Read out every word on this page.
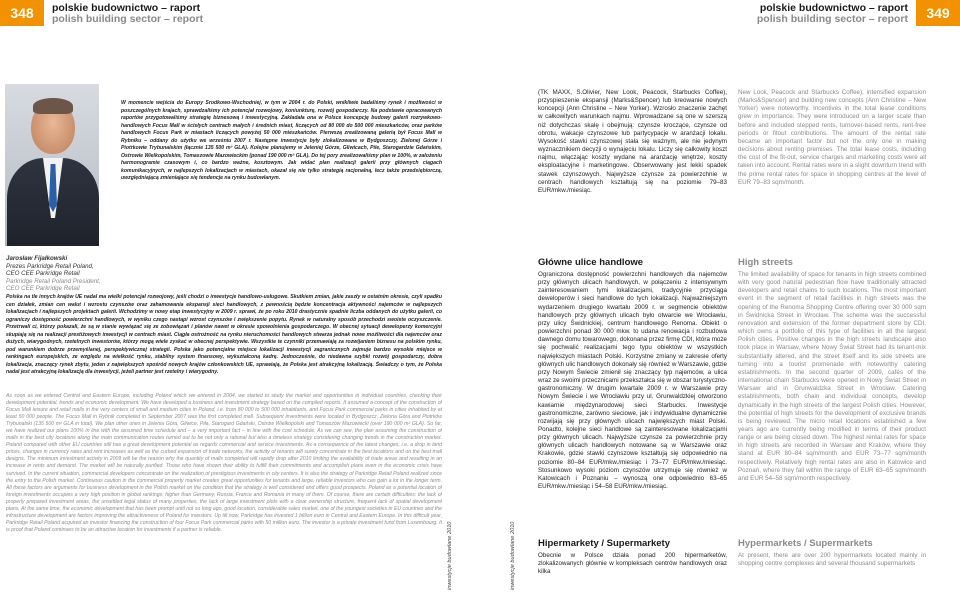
348	polskie budownictwo – raport
polish building sector – report
polskie budownictwo – raport
polish building sector – report	349
Jarosław Fijałkowski
Prezes Parkridge Retail Poland,
CEO CEE Parkridge Retail
Parkridge Retail Poland President,
CEO CEE Parkridge Retail
W momencie wejścia do Europy Środkowo-Wschodniej, w tym w 2004 r. do Polski, wnikliwie badaliśmy rynek i możliwości w poszczególnych krajach, sprawdzaliśmy ich potencjał rozwojowy, koniunkturę, rozwój gospodarczy. Na podstawie opracowanych raportów przygotowaliśmy strategię biznesową i inwestycyjną. Zakładała ona w Polsce koncepcję budowy galerii rozrywkowo-handlowych Focus Mall w ścisłych centrach małych i średnich miast, liczących od 80 000 do 500 000 mieszkańców, oraz parków handlowych Focus Park w miastach liczących powyżej 50 000 mieszkańców. Pierwszą zrealizowaną galerią był Focus Mall w Rybniku – oddany do użytku we wrześniu 2007 r. Następne inwestycje były zlokalizowane w Bydgoszczy, Zielonej Górze i Piotrkowie Trybunalskim (łącznie 135 500 m² GLA). Kolejne planujemy w Jeleniej Górze, Gliwicach, Pile, Starogardzie Gdańskim, Ostrowie Wielkopolskim, Tomaszowie Mazowieckim (ponad 190 000 m² GLA). Do tej pory zrealizowaliśmy plan w 100%, w założeniu harmonogramie czasowym i, co bardzo ważne, kosztowym. Jak widać plan realizacji galerii przy głównych ciągach komunikacyjnych, w najlepszych lokalizacjach w miastach, okazał się nie tylko strategią racjonalną, lecz także przedsiębiorczą, uwzględniającą zmieniające się tendencje na rynku budowlanym.
Polska na tle innych krajów UE nadal ma wielki potencjał rozwojowy, jeśli chodzi o inwestycje handlowo-usługowe. Skutkiem zmian, jakie zaszły w ostatnim okresie, czyli spadku cen działek, zmian cen walut i wzrostu czynszów oraz zahamowania ekspansji sieci handlowych, z pewnością będzie koncentracja aktywności najemców w najlepszych lokalizacjach i najlepszych projektach galerii. Wchodzimy w nowy etap inwestycyjny w 2009 r. sprawi, że po roku 2010 drastycznie spadnie liczba oddanych do użytku galerii, co ograniczy dostępność powierzchni handlowych, w wyniku czego nastąpi wzrost czynszów i zwiększenie popytu. Rynek w naturalny sposób przechodzi swoiste oczyszczenie. Przetrwali ci, którzy pokazali, że są w stanie wywiązać się ze zobowiązań i planów nawet w okresie spowolnienia gospodarczego. W obecnej sytuacji deweloperzy komercyjni skupiają się na realizacji prestiżowych inwestycji w centrach miast. Ciągła ostrożność na rynku nieruchomości handlowych stwarza jednak nowe możliwości dla najemców oraz dużych, wiarygodnych, rzetelnych inwestorów, którzy mogą wiele zyskać w obecnej perspektywie. Wszystkie te czynniki przemawiają za rozwijaniem biznesu na polskim rynku, pod warunkiem dobrze przemyślanej, perspektywicznej strategii. Polska jako potencjalne miejsce lokalizacji inwestycji zagranicznych zajmuje bardzo wysokie miejsce w rankingach europejskich, ze względu na wielkość rynku, stabilny system finansowy, wykształconą kadrę. Jednocześnie, do niedawna szybki rozwój gospodarczy, dobra lokalizacja, znaczący rynek zbytu, jeden z największych spośród nowych krajów członkowskich UE, sprawiają, że Polska jest atrakcyjną lokalizacją. Świadczy o tym, że Polska nadal jest atrakcyjną lokalizacją dla inwestycji, jeżeli partner jest rzetelny i wiarygodny.
As soon as we entered Central and Eastern Europe, including Poland which we entered in 2004, we started to study the market and opportunities in individual countries, checking their development potential, trends and economic development. We have developed a business and investment strategy based on the compiled reports. It assumed a concept of the construction of Focus Mall leisure and retail malls in the very centers of small and medium cities in Poland, i.e. from 80 000 to 500 000 inhabitants, and Focus Park commercial parks in cities inhabited by at least 50 000 people. The Focus Mall in Rybnik completed in September 2007 was the first completed mall. Subsequent investments were located in Bydgoszcz, Zielona Góra and Piotrków Trybunalski (135 500 m² GLA in total). We plan other ones in Jelenia Góra, Gliwice, Piła, Starogard Gdański, Ostrów Wielkopolski and Tomaszów Mazowiecki (over 190 000 m² GLA). So far, we have realized our plans 100% in line with the assumed time schedule and – a very important fact – in line with the cost schedule. As we can see, the plan assuming the construction of malls in the best city locations along the main communication routes turned out to be not only a rational but also a timeless strategy considering changing trends in the construction market. Poland compared with other EU countries still has a great development potential as regards commercial and service investments. As a consequence of the latest changes, i.e. a drop in land prices, changes in currency rates and rent increases as well as the curbed expansion of trade networks, the activity of tenants will surely concentrate in the best locations and on the best mall designs. The minimum investment activity in 2009 will be the reason why the quantity of malls completed will rapidly drop after 2010 limiting the availability of trade areas and resulting in an increase in rents and demand. The market will be naturally purified. Those who have shown their ability to fulfill their commitments and accomplish plans even in the economic crisis have survived. In the current situation, commercial developers concentrate on the realization of prestigious investments in city centers. It is also the strategy of Parkridge Retail Poland realized since the entry to the Polish market. Continuous caution in the commercial property market creates great opportunities for tenants and large, reliable investors who can gain a lot in the longer term. All these factors are arguments for business development in the Polish market on the condition that the strategy is well considered and offers good prospects. Poland as a potential location of foreign investments occupies a very high position in global rankings: higher than Germany, Russia, France and Romania in many of them. Of course, there are certain difficulties: the lack of properly prepared investment areas, the unsettled legal status of many properties, the lack of large investment plots with a clear ownership structure, frequent lack of spatial development plans. At the same time, the economic development that has been prompt until not so long ago, good location, considerable sales market, one of the youngest societies in EU countries and the infrastructure development are factors improving the attractiveness of Poland for investors. Up till now, Parkridge has invested 1 billion euro in Central and Eastern Europe. In this difficult year, Parkridge Retail Poland acquired an investor financing the construction of four Focus Park commercial parks with 50 million euro. The investor is a private investment fund from Luxembourg. It is proof that Poland continues to be an attractive location for investments if a partner is reliable.	inwestycje budowlane 2010	inwestycje budowlane 2010

(TK MAXX, S.Olivier, New Look, Peacock, Starbucks Coffee), przyspieszenie ekspansji (Marks&Spencer) lub kreowanie nowych koncepcji (Ann Christine – New Yorker). Wzrosło znaczenie zachęt w całkowitych warunkach najmu. Wprowadzane są one w szerszą niż dotychczas skalę i obejmują: czynsze kroczące, czynsze od obrotu, wakacje czynszowe lub partycypacje w aranżacji lokalu. Wysokość stawki czynszowej stała się ważnym, ale nie jedynym wyznacznikiem decyzji o wynajęciu lokalu. Liczy się całkowity koszt najmu, włączając koszty wydane na aranżację wnętrze, koszty eksploatacyjne i marketingowe. Obserwowany jest lekki spadek stawek czynszowych. Najwyższe czynsze za powierzchnie w centrach handlowych kształtują się na poziomie 79–83 EUR/mkw./miesiąc.

Główne ulice handlowe

Ograniczona dostępność powierzchni handlowych dla najemców przy głównych ulicach handlowych, w połączeniu z intensywnym zainteresowaniem tymi lokalizacjami, tradycyjnie przyciąga deweloperów i sieci handlowe do tych lokalizacji. Najważniejszym wydarzeniem drugiego kwartału 2009 r. w segmencie obiektów handlowych przy głównych ulicach było otwarcie we Wrocławiu, przy ulicy Świdnickiej, centrum handlowego Renoma. Obiekt o powierzchni ponad 30 000 mkw. to udana renowacja i rozbudowa dawnego domu towarowego, dokonana przez firmę CDI, która może się pochwalić realizacjami tego typu obiektów w wszystkich największych miastach Polski. Korzystne zmiany w zakresie oferty głównych ulic handlowych dokonały się również w Warszawie, gdzie przy Nowym Świecie zmienił się znaczący typ najemców, a ulica wraz ze swoimi przecznicami przekształca się w obszar turystyczno-gastronomiczny. W drugim kwartale 2009 r. w Warszawie przy Nowym Świecie i we Wrocławiu przy ul. Grunwaldzkiej otworzono kawiarnie międzynarodowej sieci Starbucks. Inwestycje gastronomiczne, zarówno sieciowe, jak i indywidualne dynamicznie rozwijają się przy głównych ulicach największych miast Polski. Ponadto, kolejne sieci handlowe są zainteresowane lokalizacjami przy głównych ulicach. Najwyższe czynsze za powierzchnie przy głównych ulicach handlowych notowane są w Warszawie oraz Krakowie, gdzie stawki czynszowe kształtują się odpowiednio na poziomie 80–84 EUR/mkw./miesiąc i 73–77 EUR/mkw./miesiąc. Stosunkowo wysoki poziom czynszów utrzymuje się również w Katowicach i Poznaniu – wynoszą one odpowiednio 63–65 EUR/mkw./miesiąc i 54–58 EUR/mkw./miesiąc.

Hipermarkety / Supermarkety

Obecnie w Polsce działa ponad 200 hipermarketów, zlokalizowanych głównie w kompleksach centrów handlowych oraz kilka

New Look, Peacock and Starbucks Coffee), intensified expansion (Marks&Spencer) and building new concepts (Ann Christine – New Yorker) were noteworthy. Incentives in the total lease conditions grew in importance. They were introduced on a larger scale than before and included stepped rents, turnover-based rents, rent-free periods or fitout contributions. The amount of the rental rate became an important factor but not the only one in making decisions about renting premises. The total lease costs, including the cost of the fit-out, service charges and marketing costs were all taken into account. Rental rates were in a slight downturn trend with the prime rental rates for space in shopping centres at the level of EUR 79–83 sqm/month.

High streets

The limited availability of space for tenants in high streets combined with very good natural pedestrian flow have traditionally attracted developers and retail chains to such locations. The most important event in the segment of retail facilities in high streets was the opening of the Renoma Shopping Centre offering over 30 000 sqm in Świdnicka Street in Wrocław. The scheme was the successful renovation and extension of the former department store by CDI, which owns a portfolio of this type of facilities in all the largest Polish cities. Positive changes in the high streets landscape also took place in Warsaw, where Nowy Świat Street had its tenant-mix substantially altered, and the street itself and its side streets are turning into a tourist promenade with noteworthy catering establishments. In the second quarter of 2009, cafés of the international chain Starbucks were opened in Nowy Świat Street in Warsaw and in Grunwaldzka Street in Wrocław. Catering establishments, both chain and individual concepts, develop dynamically in the high streets of the largest Polish cities. However, the potential of high streets for the development of exclusive brands is being reviewed. The micro retail locations established a few years ago are currently being modified in terms of their product range or are being closed down. The highest rental rates for space in high streets are recorded in Warsaw and Kraków, where they stand at EUR 80–84 sqm/month and EUR 73–77 sqm/month respectively. Relatively high rental rates are also in Katowice and Poznań, where they fall within the range of EUR 63–65 sqm/month and EUR 54–58 sqm/month respectively.

Hypermarkets / Supermarkets

At present, there are over 200 hypermarkets located mainly in shopping centre complexes and several thousand supermarkets
